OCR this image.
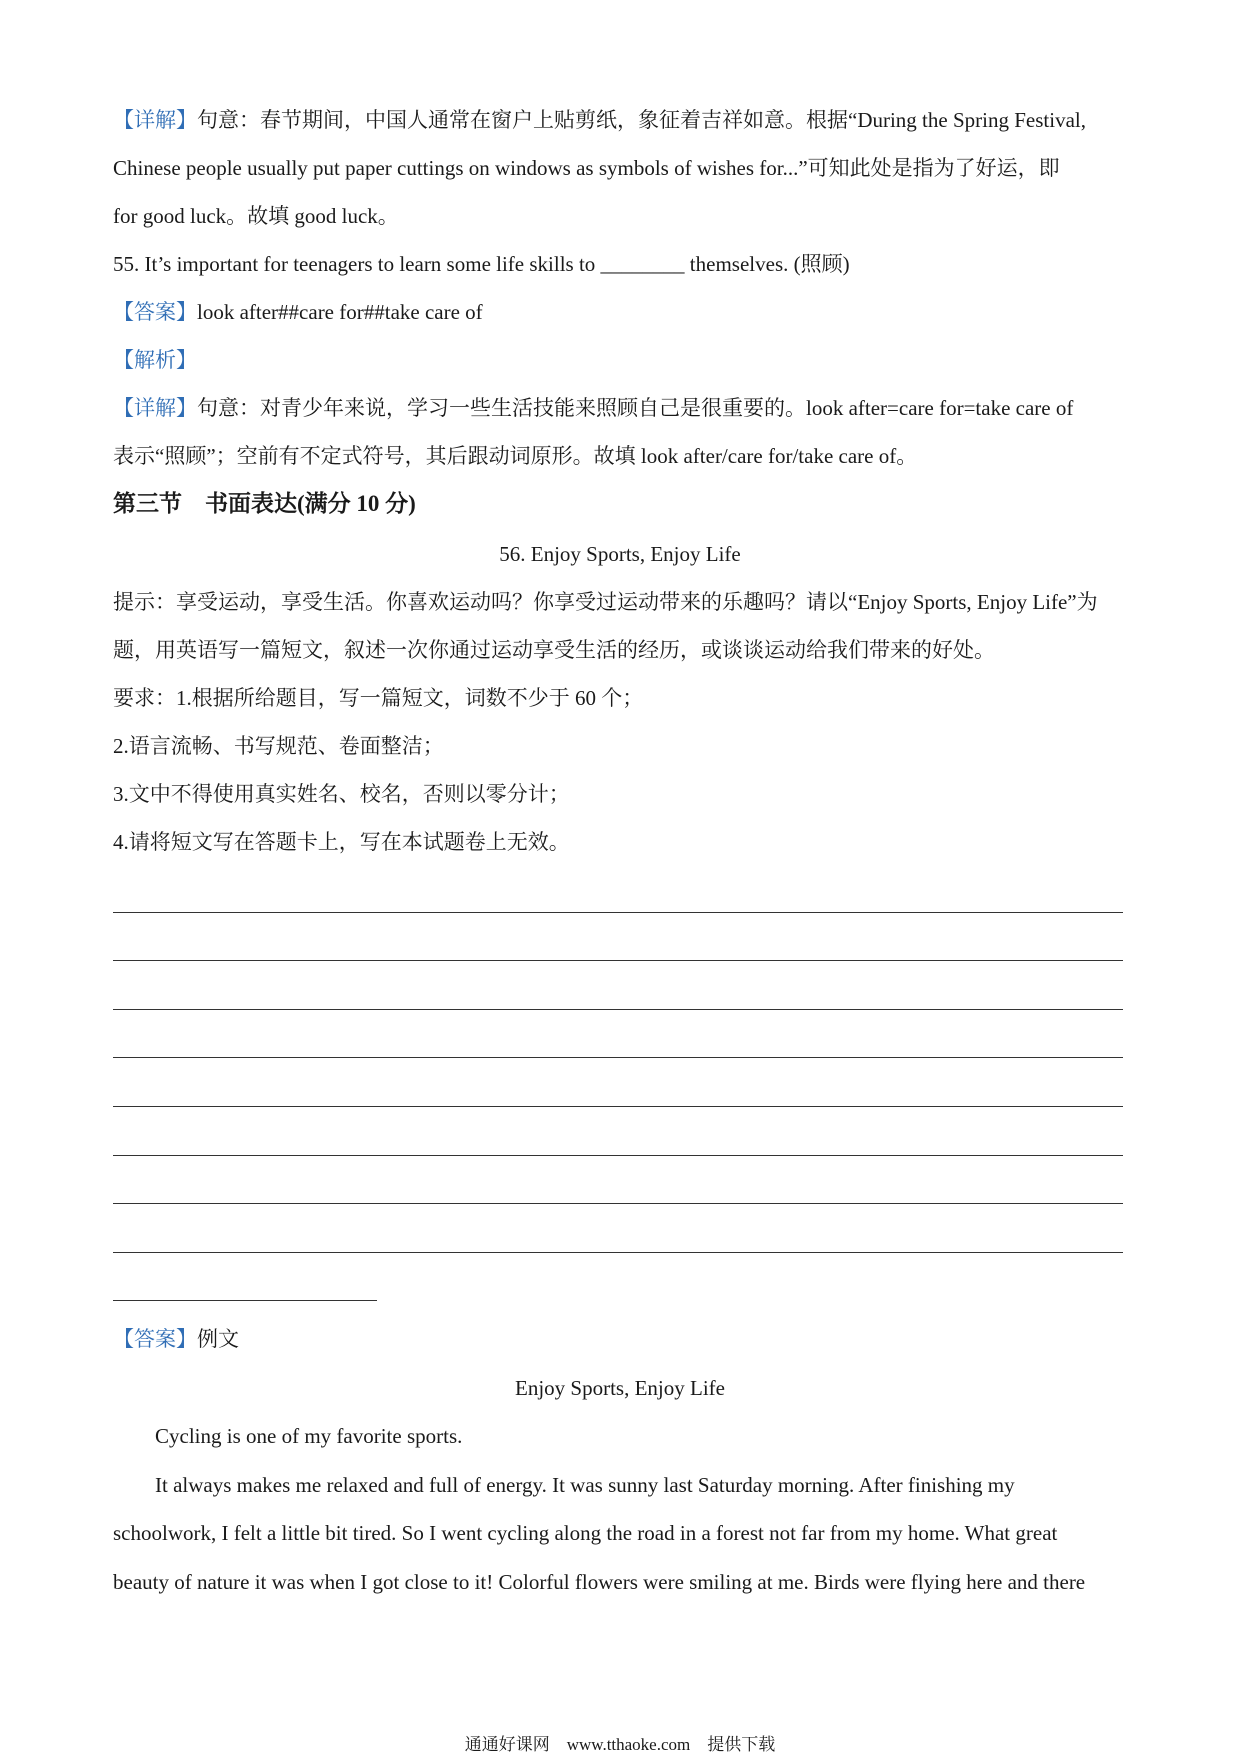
【详解】句意：春节期间，中国人通常在窗户上贴剪纸，象征着吉祥如意。根据“During the Spring Festival,
Chinese people usually put paper cuttings on windows as symbols of wishes for...”可知此处是指为了好运，即
for good luck。故填 good luck。
55. It’s important for teenagers to learn some life skills to ________ themselves. (照顾)
【答案】look after##care for##take care of
【解析】
【详解】句意：对青少年来说，学习一些生活技能来照顾自己是很重要的。look after=care for=take care of
表示“照顾”；空前有不定式符号，其后跟动词原形。故填 look after/care for/take care of。
第三节　书面表达(满分 10 分)
56. Enjoy Sports, Enjoy Life
提示：享受运动，享受生活。你喜欢运动吗？你享受过运动带来的乐趣吗？请以“Enjoy Sports, Enjoy Life”为
题，用英语写一篇短文，叙述一次你通过运动享受生活的经历，或谈谈运动给我们带来的好处。
要求：1.根据所给题目，写一篇短文，词数不少于 60 个；
2.语言流畅、书写规范、卷面整洁；
3.文中不得使用真实姓名、校名，否则以零分计；
4.请将短文写在答题卡上，写在本试题卷上无效。
【答案】例文
Enjoy Sports, Enjoy Life
Cycling is one of my favorite sports.
It always makes me relaxed and full of energy. It was sunny last Saturday morning. After finishing my
schoolwork, I felt a little bit tired. So I went cycling along the road in a forest not far from my home. What great
beauty of nature it was when I got close to it! Colorful flowers were smiling at me. Birds were flying here and there
通通好课网　www.tthaoke.com　提供下载
